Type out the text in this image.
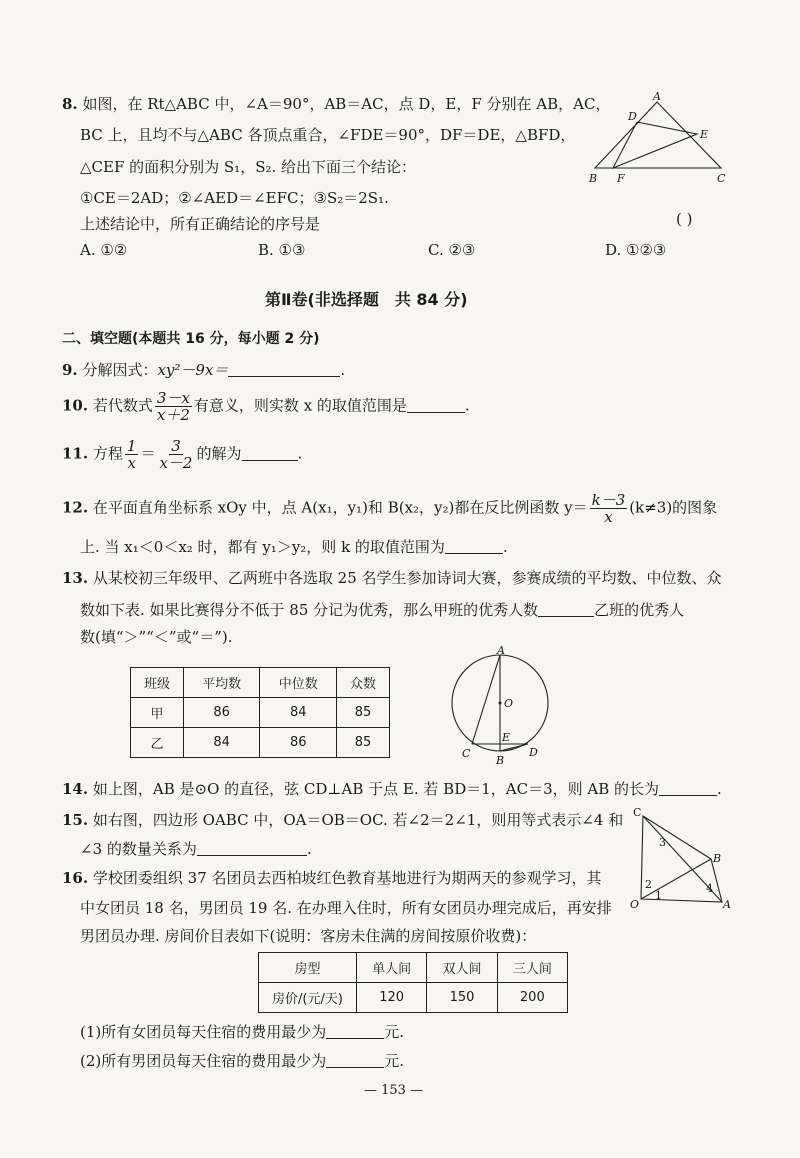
8. 如图，在 Rt△ABC 中，∠A＝90°，AB＝AC，点 D，E，F 分别在 AB，AC，
BC 上，且均不与△ABC 各顶点重合，∠FDE＝90°，DF＝DE，△BFD，
△CEF 的面积分别为 S₁，S₂. 给出下面三个结论：
①CE＝2AD；②∠AED＝∠EFC；③S₂＝2S₁.
上述结论中，所有正确结论的序号是	( )
A. ①②	B. ①③	C. ②③	D. ①②③
A
D
E
B F	C
第Ⅱ卷(非选择题　共 84 分)
二、填空题(本题共 16 分，每小题 2 分)
9. 分解因式：xy²－9x＝	.
10. 若代数式 $\frac{3-x}{x+2}$ 有意义，则实数 x 的取值范围是	.
11. 方程 $\frac{1}{x} = \frac{3}{x-2}$ 的解为	.
12. 在平面直角坐标系 xOy 中，点 A(x₁，y₁)和 B(x₂，y₂)都在反比例函数 $y= \frac{k-3}{x} (k\ne 3)$的图象
上. 当 x₁＜0＜x₂ 时，都有 y₁＞y₂，则 k 的取值范围为	.
13. 从某校初三年级甲、乙两班中各选取 25 名学生参加诗词大赛，参赛成绩的平均数、中位数、众
数如下表. 如果比赛得分不低于 85 分记为优秀，那么甲班的优秀人数	乙班的优秀人
数(填“＞”“＜”或“＝”).
班级	平均数	中位数	众数
甲	86	84	85
乙	84	86	85
A
O
C
E
B
D
14. 如上图，AB 是⊙O 的直径，弦 CD⊥AB 于点 E. 若 BD＝1，AC＝3，则 AB 的长为	.
15. 如右图，四边形 OABC 中，OA＝OB＝OC. 若∠2＝2∠1，则用等式表示∠4 和
∠3 的数量关系为	.
C
3
B
2	4
1
O	A
16. 学校团委组织 37 名团员去西柏坡红色教育基地进行为期两天的参观学习，其
中女团员 18 名，男团员 19 名. 在办理入住时，所有女团员办理完成后，再安排
男团员办理. 房间价目表如下(说明：客房未住满的房间按原价收费)：
房型	单人间	双人间	三人间
房价/(元/天)	120	150	200
(1)所有女团员每天住宿的费用最少为	元.
(2)所有男团员每天住宿的费用最少为	元.
— 153 —
